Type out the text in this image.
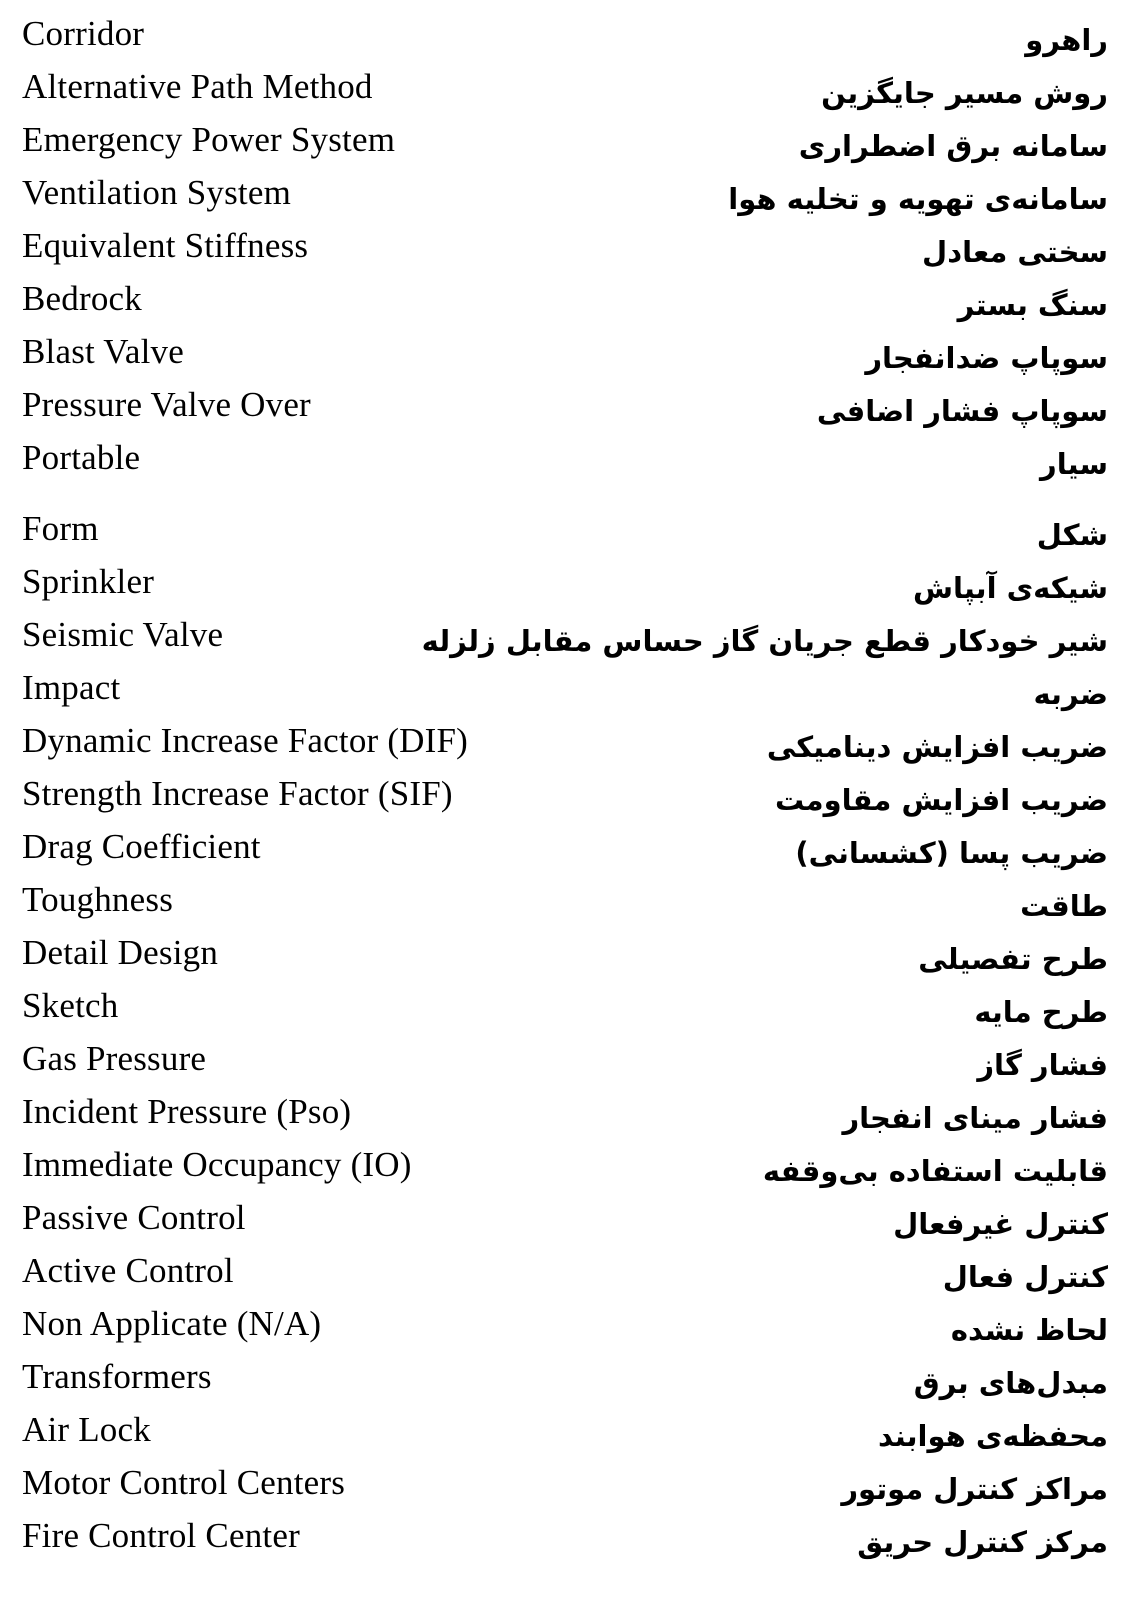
Corridor	راهرو
Alternative Path Method	روش مسیر جایگزین
Emergency Power System	سامانه برق اضطراری
Ventilation System	سامانه‌ی تهویه و تخلیه هوا
Equivalent Stiffness	سختی معادل
Bedrock	سنگ بستر
Blast Valve	سوپاپ ضدانفجار
Pressure Valve Over	سوپاپ فشار اضافی
Portable	سیار
Form	شکل
Sprinkler	شیکه‌ی آبپاش
Seismic Valve	شیر خودکار قطع جریان گاز حساس مقابل زلزله
Impact	ضربه
Dynamic Increase Factor (DIF)	ضریب افزایش دینامیکی
Strength Increase Factor (SIF)	ضریب افزایش مقاومت
Drag Coefficient	ضریب پسا (کشسانی)
Toughness	طاقت
Detail Design	طرح تفصیلی
Sketch	طرح مایه
Gas Pressure	فشار گاز
Incident Pressure (Pso)	فشار مینای انفجار
Immediate Occupancy (IO)	قابلیت استفاده بی‌وقفه
Passive Control	کنترل غیرفعال
Active Control	کنترل فعال
Non Applicate (N/A)	لحاظ نشده
Transformers	مبدل‌های برق
Air Lock	محفظه‌ی هوابند
Motor Control Centers	مراکز کنترل موتور
Fire Control Center	مرکز کنترل حریق
